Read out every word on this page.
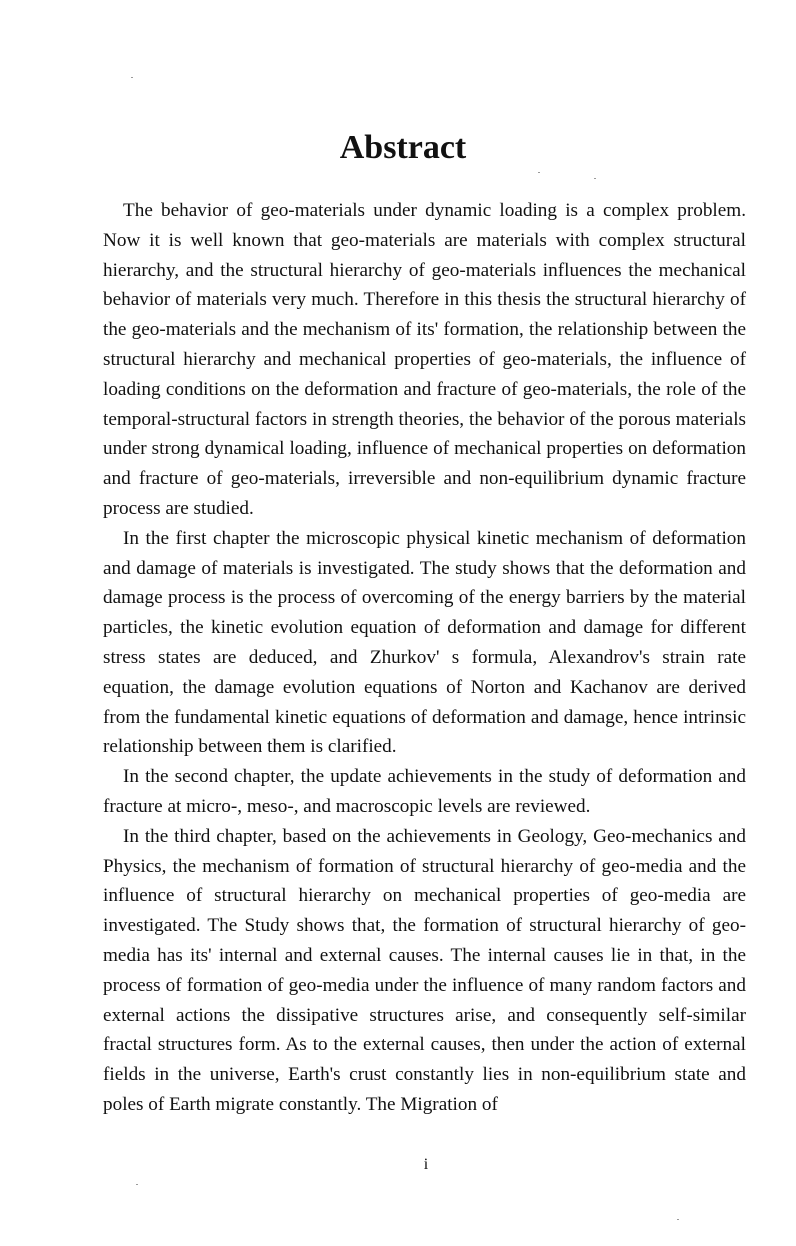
Abstract

The behavior of geo-materials under dynamic loading is a complex problem. Now it is well known that geo-materials are materials with complex structural hierarchy, and the structural hierarchy of geo-materials influences the mechanical behavior of materials very much. Therefore in this thesis the structural hierarchy of the geo-materials and the mechanism of its' formation, the relationship between the structural hierarchy and mechanical properties of geo-materials, the influence of loading conditions on the deformation and fracture of geo-materials, the role of the temporal-structural factors in strength theories, the behavior of the porous materials under strong dynamical loading, influence of mechanical properties on deformation and fracture of geo-materials, irreversible and non-equilibrium dynamic fracture process are studied.

In the first chapter the microscopic physical kinetic mechanism of deformation and damage of materials is investigated. The study shows that the deformation and damage process is the process of overcoming of the energy barriers by the material particles, the kinetic evolution equation of deformation and damage for different stress states are deduced, and Zhurkov' s formula, Alexandrov's strain rate equation, the damage evolution equations of Norton and Kachanov are derived from the fundamental kinetic equations of deformation and damage, hence intrinsic relationship between them is clarified.

In the second chapter, the update achievements in the study of deformation and fracture at micro-, meso-, and macroscopic levels are reviewed.

In the third chapter, based on the achievements in Geology, Geo-mechanics and Physics, the mechanism of formation of structural hierarchy of geo-media and the influence of structural hierarchy on mechanical properties of geo-media are investigated. The Study shows that, the formation of structural hierarchy of geo-media has its' internal and external causes. The internal causes lie in that, in the process of formation of geo-media under the influence of many random factors and external actions the dissipative structures arise, and consequently self-similar fractal structures form. As to the external causes, then under the action of external fields in the universe, Earth's crust constantly lies in non-equilibrium state and poles of Earth migrate constantly. The Migration of

i
